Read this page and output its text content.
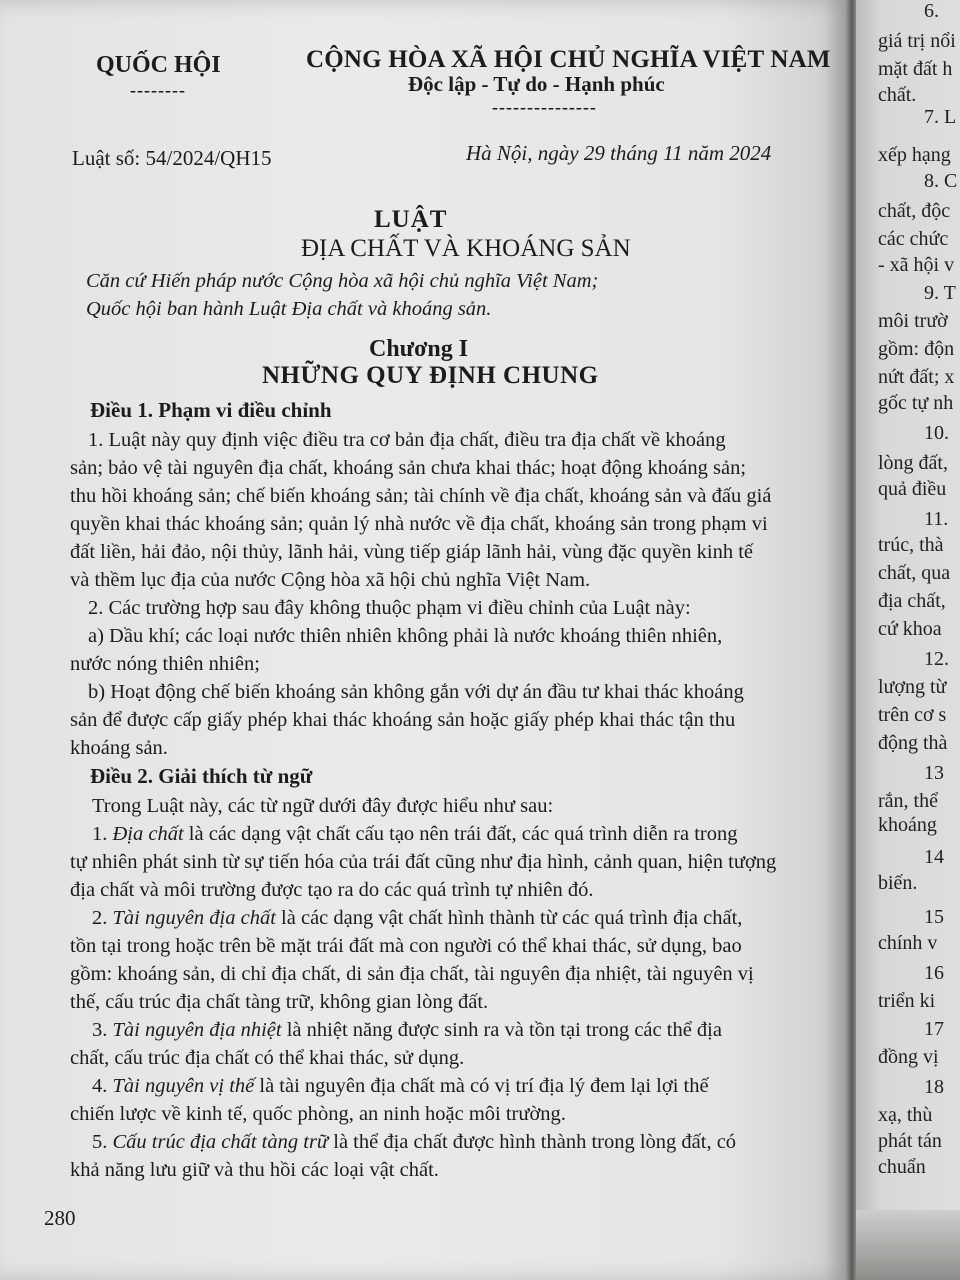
6.
giá trị nổi
mặt đất h
chất.
7. L
xếp hạng
8. C
chất, độc
các chức
- xã hội v
9. T
môi trườ
gồm: độn
nứt đất; x
gốc tự nh
10.
lòng đất,
quả điều
11.
trúc, thà
chất, qua
địa chất,
cứ khoa
12.
lượng từ
trên cơ s
động thà
13
rắn, thể
khoáng
14
biến.
15
chính v
16
triển ki
17
đồng vị
18
xạ, thù
phát tán
chuẩn
QUỐC HỘI
--------
CỘNG HÒA XÃ HỘI CHỦ NGHĨA VIỆT NAM
Độc lập - Tự do - Hạnh phúc
---------------
Luật số: 54/2024/QH15	Hà Nội, ngày 29 tháng 11 năm 2024
LUẬT
ĐỊA CHẤT VÀ KHOÁNG SẢN
Căn cứ Hiến pháp nước Cộng hòa xã hội chủ nghĩa Việt Nam;
Quốc hội ban hành Luật Địa chất và khoáng sản.
Chương I
NHỮNG QUY ĐỊNH CHUNG
Điều 1. Phạm vi điều chỉnh
1. Luật này quy định việc điều tra cơ bản địa chất, điều tra địa chất về khoáng
sản; bảo vệ tài nguyên địa chất, khoáng sản chưa khai thác; hoạt động khoáng sản;
thu hồi khoáng sản; chế biến khoáng sản; tài chính về địa chất, khoáng sản và đấu giá
quyền khai thác khoáng sản; quản lý nhà nước về địa chất, khoáng sản trong phạm vi
đất liền, hải đảo, nội thủy, lãnh hải, vùng tiếp giáp lãnh hải, vùng đặc quyền kinh tế
và thềm lục địa của nước Cộng hòa xã hội chủ nghĩa Việt Nam.
2. Các trường hợp sau đây không thuộc phạm vi điều chỉnh của Luật này:
a) Dầu khí; các loại nước thiên nhiên không phải là nước khoáng thiên nhiên,
nước nóng thiên nhiên;
b) Hoạt động chế biến khoáng sản không gắn với dự án đầu tư khai thác khoáng
sản để được cấp giấy phép khai thác khoáng sản hoặc giấy phép khai thác tận thu
khoáng sản.
Điều 2. Giải thích từ ngữ
Trong Luật này, các từ ngữ dưới đây được hiểu như sau:
1. Địa chất là các dạng vật chất cấu tạo nên trái đất, các quá trình diễn ra trong
tự nhiên phát sinh từ sự tiến hóa của trái đất cũng như địa hình, cảnh quan, hiện tượng
địa chất và môi trường được tạo ra do các quá trình tự nhiên đó.
2. Tài nguyên địa chất là các dạng vật chất hình thành từ các quá trình địa chất,
tồn tại trong hoặc trên bề mặt trái đất mà con người có thể khai thác, sử dụng, bao
gồm: khoáng sản, di chỉ địa chất, di sản địa chất, tài nguyên địa nhiệt, tài nguyên vị
thế, cấu trúc địa chất tàng trữ, không gian lòng đất.
3. Tài nguyên địa nhiệt là nhiệt năng được sinh ra và tồn tại trong các thể địa
chất, cấu trúc địa chất có thể khai thác, sử dụng.
4. Tài nguyên vị thế là tài nguyên địa chất mà có vị trí địa lý đem lại lợi thế
chiến lược về kinh tế, quốc phòng, an ninh hoặc môi trường.
5. Cấu trúc địa chất tàng trữ là thể địa chất được hình thành trong lòng đất, có
khả năng lưu giữ và thu hồi các loại vật chất.
280
